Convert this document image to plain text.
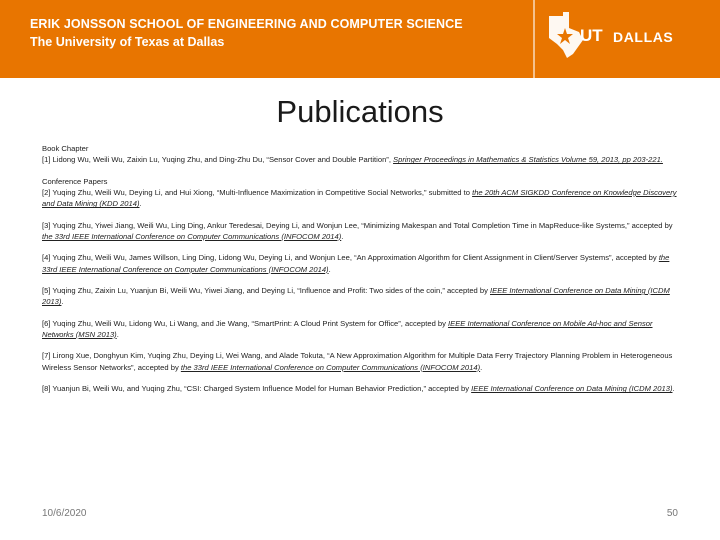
ERIK JONSSON SCHOOL OF ENGINEERING AND COMPUTER SCIENCE
The University of Texas at Dallas	UT DALLAS
Publications

Book Chapter

[1] Lidong Wu, Weili Wu, Zaixin Lu, Yuqing Zhu, and Ding-Zhu Du, “Sensor Cover and Double Partition”, Springer Proceedings in Mathematics & Statistics Volume 59, 2013, pp 203-221.

Conference Papers

[2] Yuqing Zhu, Weili Wu, Deying Li, and Hui Xiong, “Multi-Influence Maximization in Competitive Social Networks,” submitted to the 20th ACM SIGKDD Conference on Knowledge Discovery and Data Mining (KDD 2014).

[3] Yuqing Zhu, Yiwei Jiang, Weili Wu, Ling Ding, Ankur Teredesai, Deying Li, and Wonjun Lee, “Minimizing Makespan and Total Completion Time in MapReduce-like Systems,” accepted by the 33rd IEEE International Conference on Computer Communications (INFOCOM 2014).

[4] Yuqing Zhu, Weili Wu, James Willson, Ling Ding, Lidong Wu, Deying Li, and Wonjun Lee, “An Approximation Algorithm for Client Assignment in Client/Server Systems”, accepted by the 33rd IEEE International Conference on Computer Communications (INFOCOM 2014).

[5] Yuqing Zhu, Zaixin Lu, Yuanjun Bi, Weili Wu, Yiwei Jiang, and Deying Li, “Influence and Profit: Two sides of the coin,” accepted by IEEE International Conference on Data Mining (ICDM 2013).

[6] Yuqing Zhu, Weili Wu, Lidong Wu, Li Wang, and Jie Wang, “SmartPrint: A Cloud Print System for Office”, accepted by IEEE International Conference on Mobile Ad-hoc and Sensor Networks (MSN 2013).

[7] Lirong Xue, Donghyun Kim, Yuqing Zhu, Deying Li, Wei Wang, and Alade Tokuta, “A New Approximation Algorithm for Multiple Data Ferry Trajectory Planning Problem in Heterogeneous Wireless Sensor Networks”, accepted by the 33rd IEEE International Conference on Computer Communications (INFOCOM 2014).

[8] Yuanjun Bi, Weili Wu, and Yuqing Zhu, “CSI: Charged System Influence Model for Human Behavior Prediction,” accepted by IEEE International Conference on Data Mining (ICDM 2013).

10/6/2020	50
